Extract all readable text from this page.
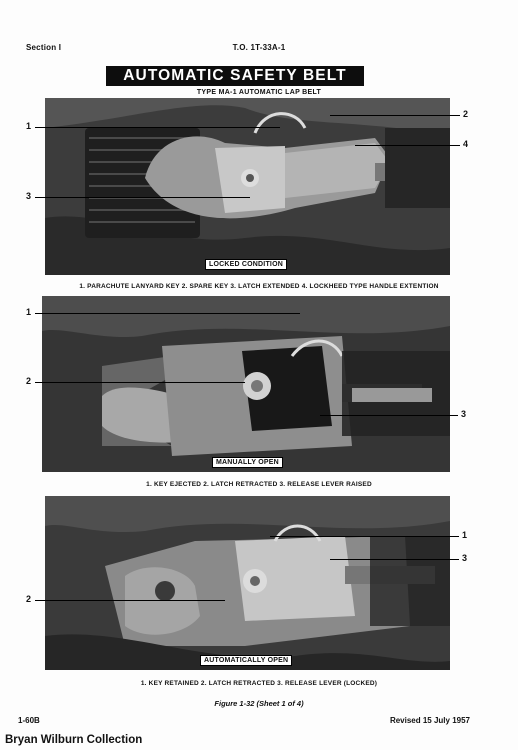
Section I	T.O. 1T-33A-1
AUTOMATIC SAFETY BELT
TYPE MA-1 AUTOMATIC LAP BELT
LOCKED CONDITION
1. PARACHUTE LANYARD KEY 2. SPARE KEY 3. LATCH EXTENDED 4. LOCKHEED TYPE HANDLE EXTENTION
1
2
4
3
MANUALLY OPEN
1. KEY EJECTED 2. LATCH RETRACTED 3. RELEASE LEVER RAISED
1
2
3
AUTOMATICALLY OPEN
1. KEY RETAINED 2. LATCH RETRACTED 3. RELEASE LEVER (LOCKED)
1
3
2
Figure 1-32 (Sheet 1 of 4)
1-60B	Revised 15 July 1957
Bryan Wilburn Collection
